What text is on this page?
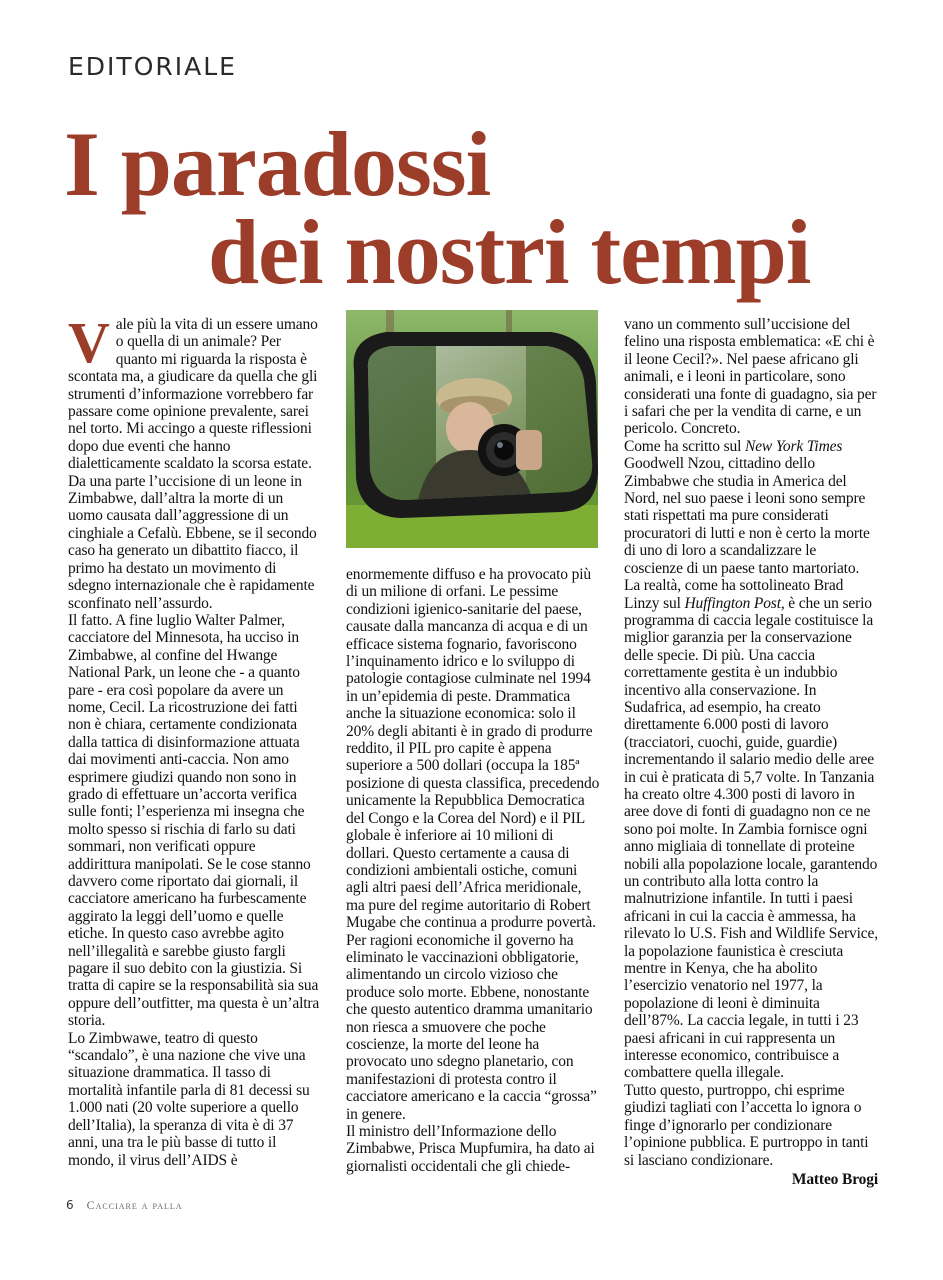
EDITORIALE
I paradossi
dei nostri tempi

Vale più la vita di un essere umano o quella di un animale? Per quanto mi riguarda la risposta è scontata ma, a giudicare da quella che gli strumenti d’informazione vorrebbero far passare come opinione prevalente, sarei nel torto. Mi accingo a queste riflessioni dopo due eventi che hanno dialetticamente scaldato la scorsa estate. Da una parte l’uccisione di un leone in Zimbabwe, dall’altra la morte di un uomo causata dall’aggressione di un cinghiale a Cefalù. Ebbene, se il secondo caso ha generato un dibattito fiacco, il primo ha destato un movimento di sdegno internazionale che è rapidamente sconfinato nell’assurdo.

Il fatto. A fine luglio Walter Palmer, cacciatore del Minnesota, ha ucciso in Zimbabwe, al confine del Hwange National Park, un leone che - a quanto pare - era così popolare da avere un nome, Cecil. La ricostruzione dei fatti non è chiara, certamente condizionata dalla tattica di disinformazione attuata dai movimenti anti-caccia. Non amo esprimere giudizi quando non sono in grado di effettuare un’accorta verifica sulle fonti; l’esperienza mi insegna che molto spesso si rischia di farlo su dati sommari, non verificati oppure addirittura manipolati. Se le cose stanno davvero come riportato dai giornali, il cacciatore americano ha furbescamente aggirato la leggi dell’uomo e quelle etiche. In questo caso avrebbe agito nell’illegalità e sarebbe giusto fargli pagare il suo debito con la giustizia. Si tratta di capire se la responsabilità sia sua oppure dell’outfitter, ma questa è un’altra storia.

Lo Zimbwawe, teatro di questo “scandalo”, è una nazione che vive una situazione drammatica. Il tasso di mortalità infantile parla di 81 decessi su 1.000 nati (20 volte superiore a quello dell’Italia), la speranza di vita è di 37 anni, una tra le più basse di tutto il mondo, il virus dell’AIDS è

enormemente diffuso e ha provocato più di un milione di orfani. Le pessime condizioni igienico-sanitarie del paese, causate dalla mancanza di acqua e di un efficace sistema fognario, favoriscono l’inquinamento idrico e lo sviluppo di patologie contagiose culminate nel 1994 in un’epidemia di peste. Drammatica anche la situazione economica: solo il 20% degli abitanti è in grado di produrre reddito, il PIL pro capite è appena superiore a 500 dollari (occupa la 185ª posizione di questa classifica, precedendo unicamente la Repubblica Democratica del Congo e la Corea del Nord) e il PIL globale è inferiore ai 10 milioni di dollari. Questo certamente a causa di condizioni ambientali ostiche, comuni agli altri paesi dell’Africa meridionale, ma pure del regime autoritario di Robert Mugabe che continua a produrre povertà. Per ragioni economiche il governo ha eliminato le vaccinazioni obbligatorie, alimentando un circolo vizioso che produce solo morte. Ebbene, nonostante che questo autentico dramma umanitario non riesca a smuovere che poche coscienze, la morte del leone ha provocato uno sdegno planetario, con manifestazioni di protesta contro il cacciatore americano e la caccia “grossa” in genere.

Il ministro dell’Informazione dello Zimbabwe, Prisca Mupfumira, ha dato ai giornalisti occidentali che gli chiede-

vano un commento sull’uccisione del felino una risposta emblematica: «E chi è il leone Cecil?». Nel paese africano gli animali, e i leoni in particolare, sono considerati una fonte di guadagno, sia per i safari che per la vendita di carne, e un pericolo. Concreto.

Come ha scritto sul New York Times Goodwell Nzou, cittadino dello Zimbabwe che studia in America del Nord, nel suo paese i leoni sono sempre stati rispettati ma pure considerati procuratori di lutti e non è certo la morte di uno di loro a scandalizzare le coscienze di un paese tanto martoriato.

La realtà, come ha sottolineato Brad Linzy sul Huffington Post, è che un serio programma di caccia legale costituisce la miglior garanzia per la conservazione delle specie. Di più. Una caccia correttamente gestita è un indubbio incentivo alla conservazione. In Sudafrica, ad esempio, ha creato direttamente 6.000 posti di lavoro (tracciatori, cuochi, guide, guardie) incrementando il salario medio delle aree in cui è praticata di 5,7 volte. In Tanzania ha creato oltre 4.300 posti di lavoro in aree dove di fonti di guadagno non ce ne sono poi molte. In Zambia fornisce ogni anno migliaia di tonnellate di proteine nobili alla popolazione locale, garantendo un contributo alla lotta contro la malnutrizione infantile. In tutti i paesi africani in cui la caccia è ammessa, ha rilevato lo U.S. Fish and Wildlife Service, la popolazione faunistica è cresciuta mentre in Kenya, che ha abolito l’esercizio venatorio nel 1977, la popolazione di leoni è diminuita dell’87%. La caccia legale, in tutti i 23 paesi africani in cui rappresenta un interesse economico, contribuisce a combattere quella illegale.

Tutto questo, purtroppo, chi esprime giudizi tagliati con l’accetta lo ignora o finge d’ignorarlo per condizionare l’opinione pubblica. E purtroppo in tanti si lasciano condizionare.

Matteo Brogi

6 Cacciare a palla
